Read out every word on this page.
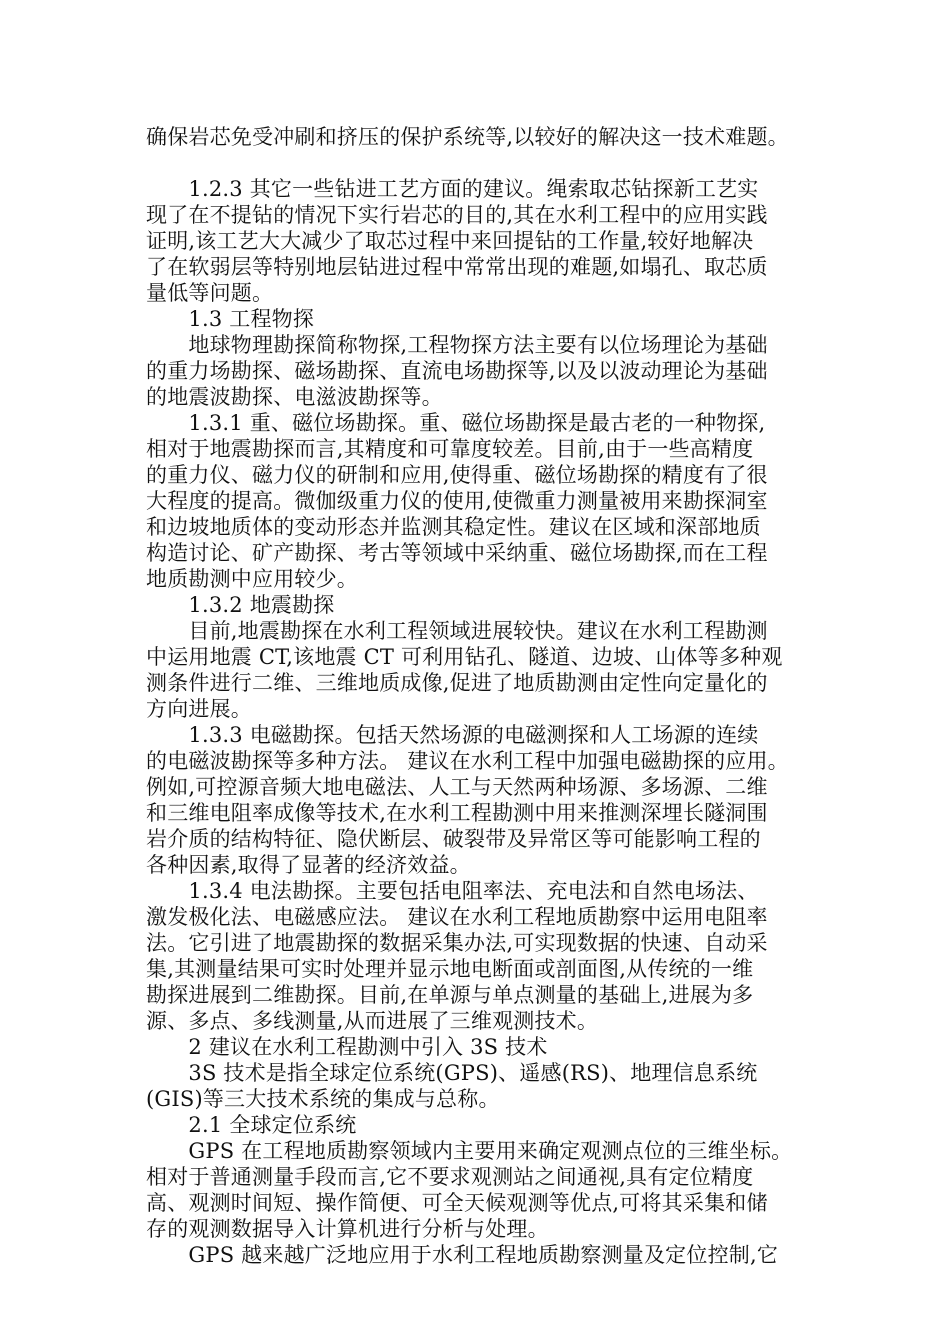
确保岩芯免受冲刷和挤压的保护系统等,以较好的解决这一技术难题。
　　1.2.3 其它一些钻进工艺方面的建议。绳索取芯钻探新工艺实
现了在不提钻的情况下实行岩芯的目的,其在水利工程中的应用实践
证明,该工艺大大减少了取芯过程中来回提钻的工作量,较好地解决
了在软弱层等特别地层钻进过程中常常出现的难题,如塌孔、取芯质
量低等问题。
　　1.3 工程物探
　　地球物理勘探简称物探,工程物探方法主要有以位场理论为基础
的重力场勘探、磁场勘探、直流电场勘探等,以及以波动理论为基础
的地震波勘探、电滋波勘探等。
　　1.3.1 重、磁位场勘探。重、磁位场勘探是最古老的一种物探,
相对于地震勘探而言,其精度和可靠度较差。目前,由于一些高精度
的重力仪、磁力仪的研制和应用,使得重、磁位场勘探的精度有了很
大程度的提高。微伽级重力仪的使用,使微重力测量被用来勘探洞室
和边坡地质体的变动形态并监测其稳定性。建议在区域和深部地质
构造讨论、矿产勘探、考古等领域中采纳重、磁位场勘探,而在工程
地质勘测中应用较少。
　　1.3.2 地震勘探
　　目前,地震勘探在水利工程领域进展较快。建议在水利工程勘测
中运用地震 CT,该地震 CT 可利用钻孔、隧道、边坡、山体等多种观
测条件进行二维、三维地质成像,促进了地质勘测由定性向定量化的
方向进展。
　　1.3.3 电磁勘探。包括天然场源的电磁测探和人工场源的连续
的电磁波勘探等多种方法。 建议在水利工程中加强电磁勘探的应用。
例如,可控源音频大地电磁法、人工与天然两种场源、多场源、二维
和三维电阻率成像等技术,在水利工程勘测中用来推测深埋长隧洞围
岩介质的结构特征、隐伏断层、破裂带及异常区等可能影响工程的
各种因素,取得了显著的经济效益。
　　1.3.4 电法勘探。主要包括电阻率法、充电法和自然电场法、
激发极化法、电磁感应法。 建议在水利工程地质勘察中运用电阻率
法。它引进了地震勘探的数据采集办法,可实现数据的快速、自动采
集,其测量结果可实时处理并显示地电断面或剖面图,从传统的一维
勘探进展到二维勘探。目前,在单源与单点测量的基础上,进展为多
源、多点、多线测量,从而进展了三维观测技术。
　　2 建议在水利工程勘测中引入 3S 技术
　　3S 技术是指全球定位系统(GPS)、遥感(RS)、地理信息系统
(GIS)等三大技术系统的集成与总称。
　　2.1 全球定位系统
　　GPS 在工程地质勘察领域内主要用来确定观测点位的三维坐标。
相对于普通测量手段而言,它不要求观测站之间通视,具有定位精度
高、观测时间短、操作简便、可全天候观测等优点,可将其采集和储
存的观测数据导入计算机进行分析与处理。
　　GPS 越来越广泛地应用于水利工程地质勘察测量及定位控制,它
